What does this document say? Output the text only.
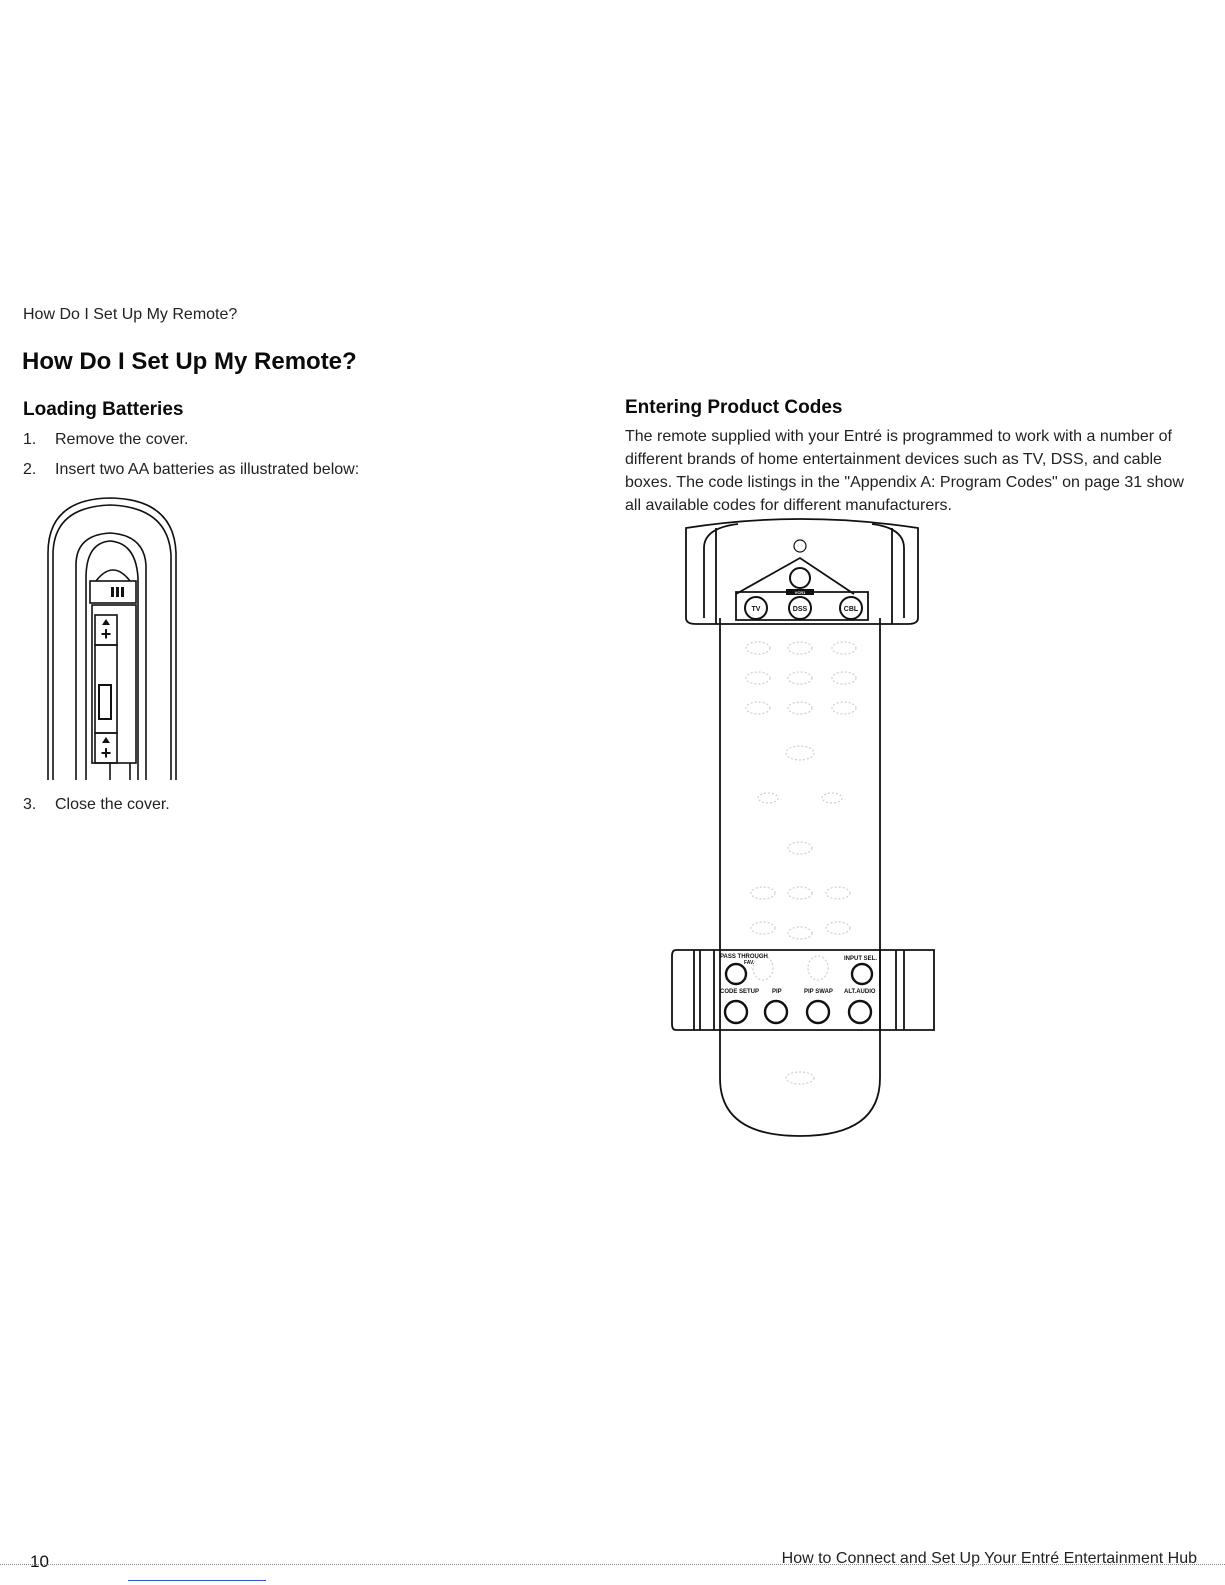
How Do I Set Up My Remote?
How Do I Set Up My Remote?
Loading Batteries
1.	Remove the cover.
2.	Insert two AA batteries as illustrated below:
+
+
3.	Close the cover.
Entering Product Codes

The remote supplied with your Entré is programmed to work with a number of different brands of home entertainment devices such as TV, DSS, and cable boxes. The code listings in the "Appendix A: Program Codes" on page 31 show all available codes for different manufacturers.

VCR1
TV	DSS	CBL
PASS THROUGH
FAV.
INPUT SEL.
CODE SETUP PIP	PIP SWAP ALT.AUDIO
10	How to Connect and Set Up Your Entré Entertainment Hub
